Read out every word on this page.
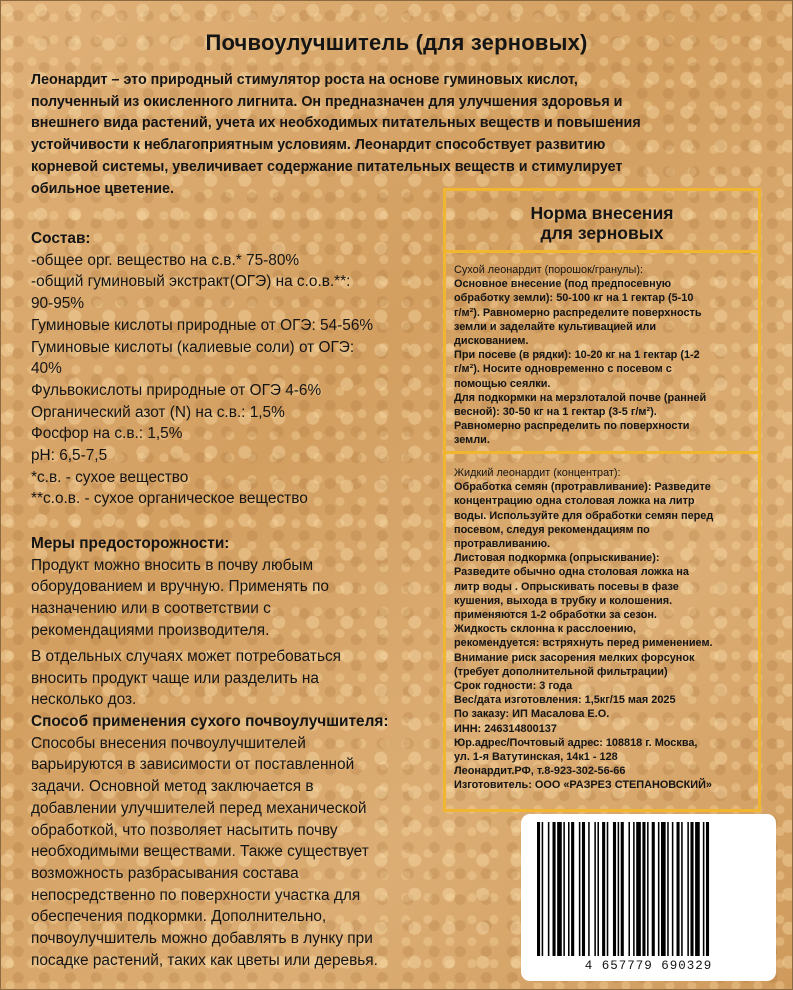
Почвоулучшитель (для зерновых)
Леонардит – это природный стимулятор роста на основе гуминовых кислот,
полученный из окисленного лигнита. Он предназначен для улучшения здоровья и
внешнего вида растений, учета их необходимых питательных веществ и повышения
устойчивости к неблагоприятным условиям. Леонардит способствует развитию
корневой системы, увеличивает содержание питательных веществ и стимулирует
обильное цветение.
Состав:
-общее орг. вещество на с.в.* 75-80%
-общий гуминовый экстракт(ОГЭ) на с.о.в.**:
90-95%
Гуминовые кислоты природные от ОГЭ: 54-56%
Гуминовые кислоты (калиевые соли) от ОГЭ:
40%
Фульвокислоты природные от ОГЭ 4-6%
Органический азот (N) на с.в.: 1,5%
Фосфор на с.в.: 1,5%
pH: 6,5-7,5
*с.в. - сухое вещество
**с.о.в. - сухое органическое вещество
Меры предосторожности:
Продукт можно вносить в почву любым
оборудованием и вручную. Применять по
назначению или в соответствии с
рекомендациями производителя.
В отдельных случаях может потребоваться
вносить продукт чаще или разделить на
несколько доз.
Способ применения сухого почвоулучшителя:
Способы внесения почвоулучшителей
варьируются в зависимости от поставленной
задачи. Основной метод заключается в
добавлении улучшителей перед механической
обработкой, что позволяет насытить почву
необходимыми веществами. Также существует
возможность разбрасывания состава
непосредственно по поверхности участка для
обеспечения подкормки. Дополнительно,
почвоулучшитель можно добавлять в лунку при
посадке растений, таких как цветы или деревья.
Норма внесения
для зерновых
Сухой леонардит (порошок/гранулы):
Основное внесение (под предпосевную
обработку земли): 50-100 кг на 1 гектар (5-10
г/м²). Равномерно распределите поверхность
земли и заделайте культивацией или
дискованием.
При посеве (в рядки): 10-20 кг на 1 гектар (1-2
г/м²). Носите одновременно с посевом с
помощью сеялки.
Для подкормки на мерзлоталой почве (ранней
весной): 30-50 кг на 1 гектар (3-5 г/м²).
Равномерно распределить по поверхности
земли.
Жидкий леонардит (концентрат):
Обработка семян (протравливание): Разведите
концентрацию одна столовая ложка на литр
воды. Используйте для обработки семян перед
посевом, следуя рекомендациям по
протравливанию.
Листовая подкормка (опрыскивание):
Разведите обычно одна столовая ложка на
литр воды . Опрыскивать посевы в фазе
кушения, выхода в трубку и колошения.
применяются 1-2 обработки за сезон.
Жидкость склонна к расслоению,
рекомендуется: встряхнуть перед рименением.
Внимание риск засорения мелких форсунок
(требует дополнительной фильтрации)
Срок годности: 3 года
Вес/дата изготовления: 1,5кг/15 мая 2025
По заказу: ИП Масалова Е.О.
ИНН: 246314800137
Юр.адрес/Почтовый адрес: 108818 г. Москва,
ул. 1-я Ватутинская, 14к1 - 128
Леонардит.РФ, т.8-923-302-56-66
Изготовитель: ООО «РАЗРЕЗ СТЕПАНОВСКИЙ»
4 657779 690329
